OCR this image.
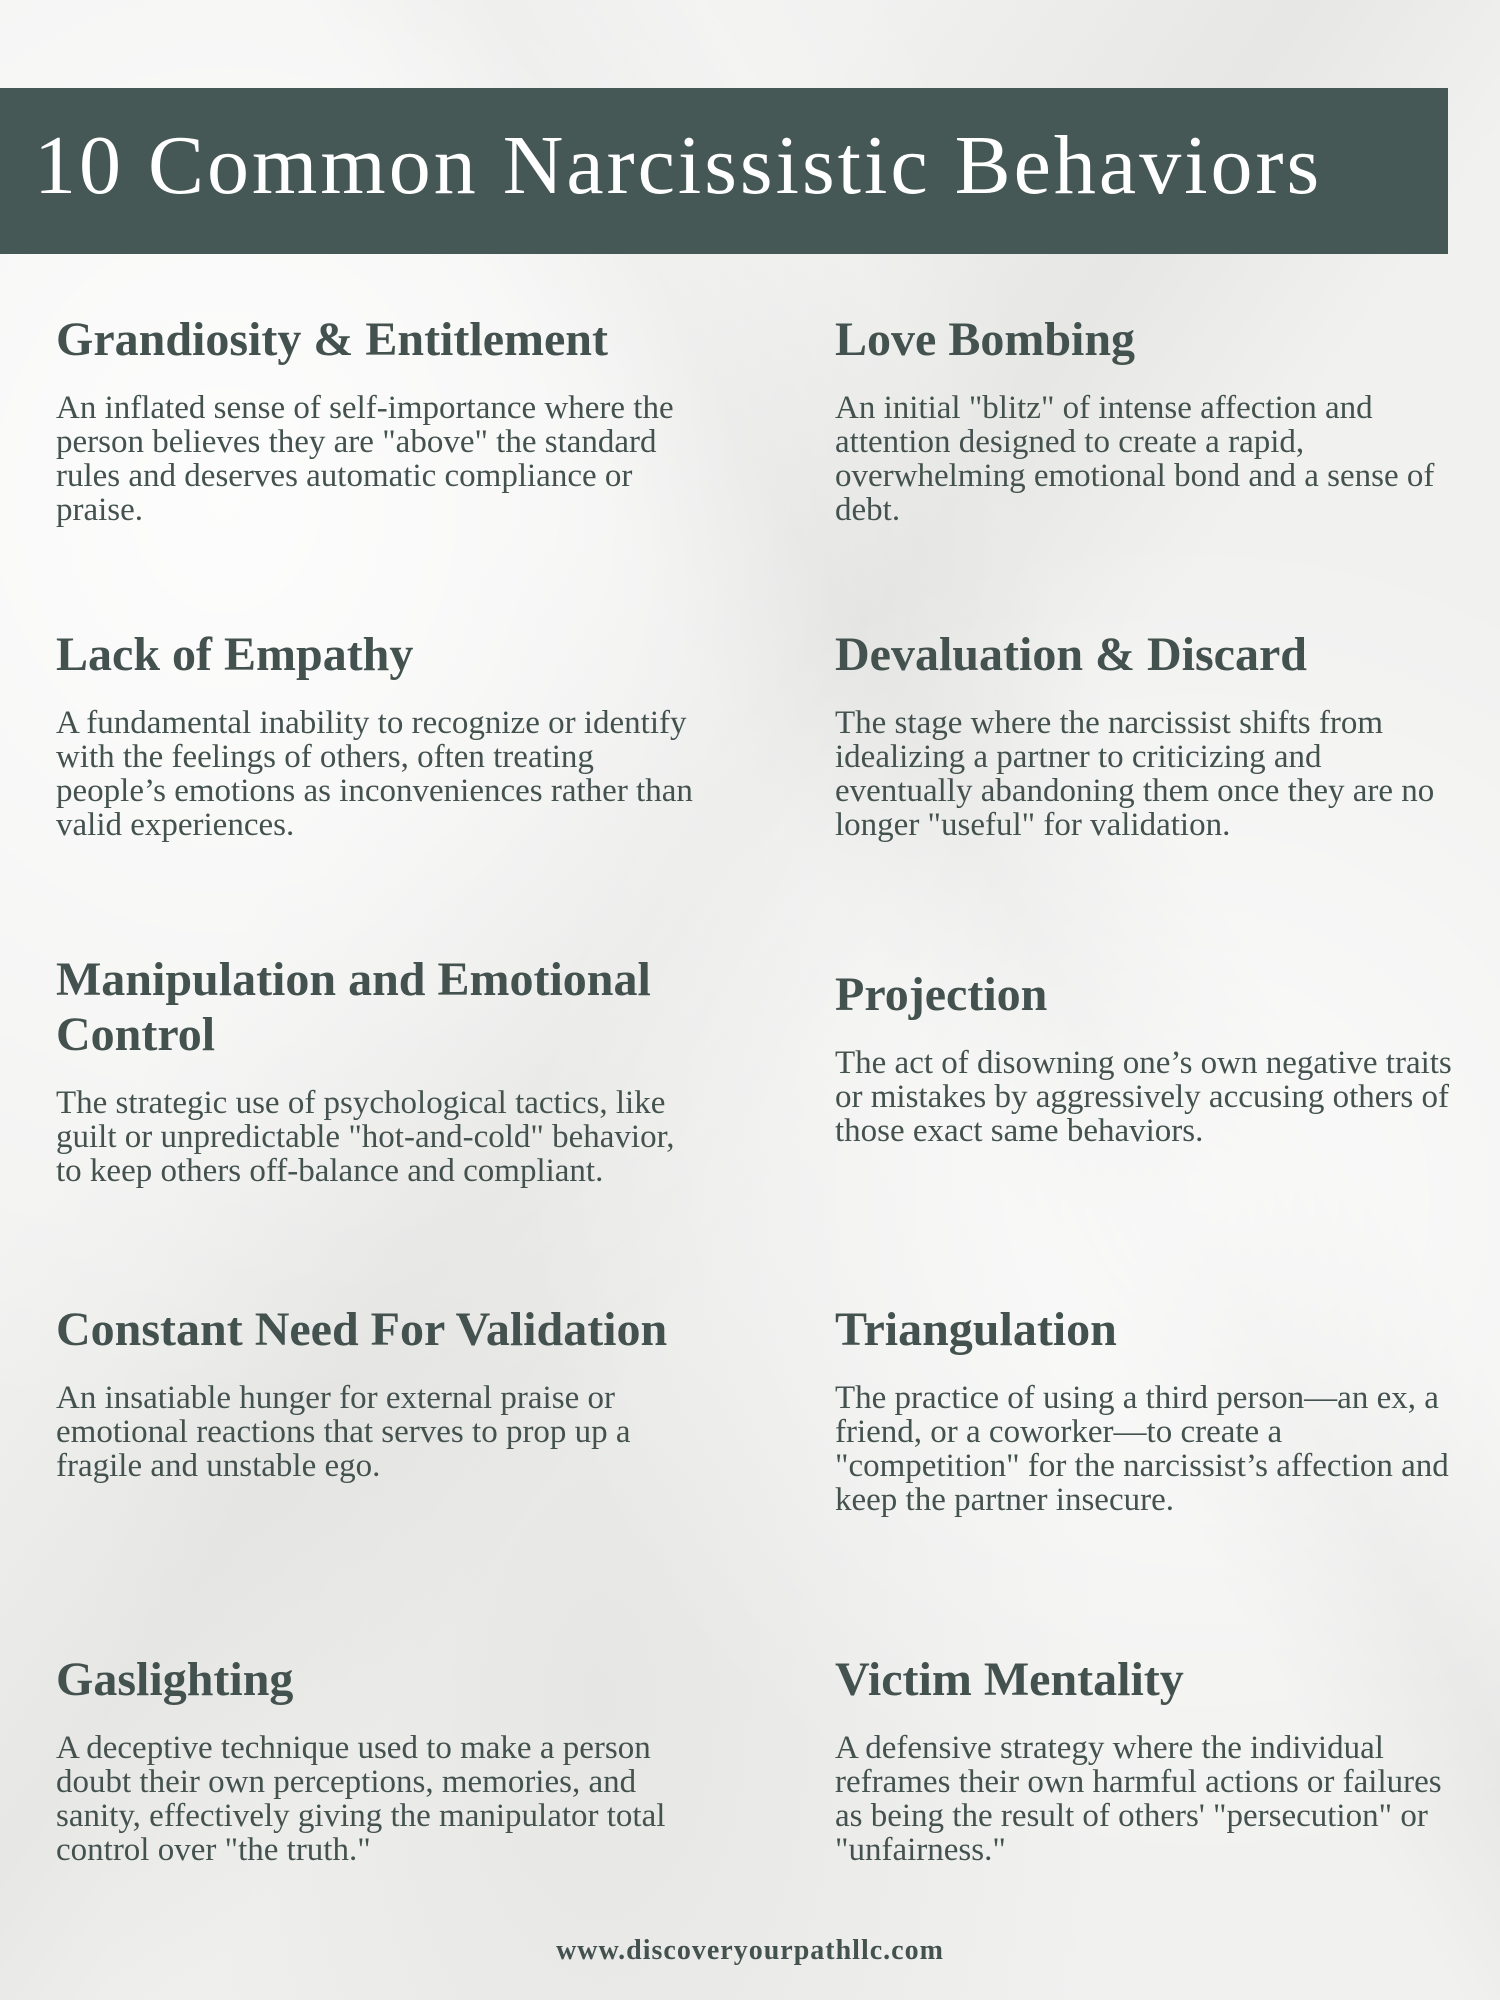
10 Common Narcissistic Behaviors
Grandiosity & Entitlement

An inflated sense of self-importance where the person believes they are "above" the standard rules and deserves automatic compliance or praise.

Lack of Empathy

A fundamental inability to recognize or identify with the feelings of others, often treating people’s emotions as inconveniences rather than valid experiences.

Manipulation and Emotional Control

The strategic use of psychological tactics, like guilt or unpredictable "hot-and-cold" behavior, to keep others off-balance and compliant.

Constant Need For Validation

An insatiable hunger for external praise or emotional reactions that serves to prop up a fragile and unstable ego.

Gaslighting

A deceptive technique used to make a person doubt their own perceptions, memories, and sanity, effectively giving the manipulator total control over "the truth."

Love Bombing

An initial "blitz" of intense affection and attention designed to create a rapid, overwhelming emotional bond and a sense of debt.

Devaluation & Discard

The stage where the narcissist shifts from idealizing a partner to criticizing and eventually abandoning them once they are no longer "useful" for validation.

Projection

The act of disowning one’s own negative traits or mistakes by aggressively accusing others of those exact same behaviors.

Triangulation

The practice of using a third person—an ex, a friend, or a coworker—to create a "competition" for the narcissist’s affection and keep the partner insecure.

Victim Mentality

A defensive strategy where the individual reframes their own harmful actions or failures as being the result of others' "persecution" or "unfairness."

www.discoveryourpathllc.com
